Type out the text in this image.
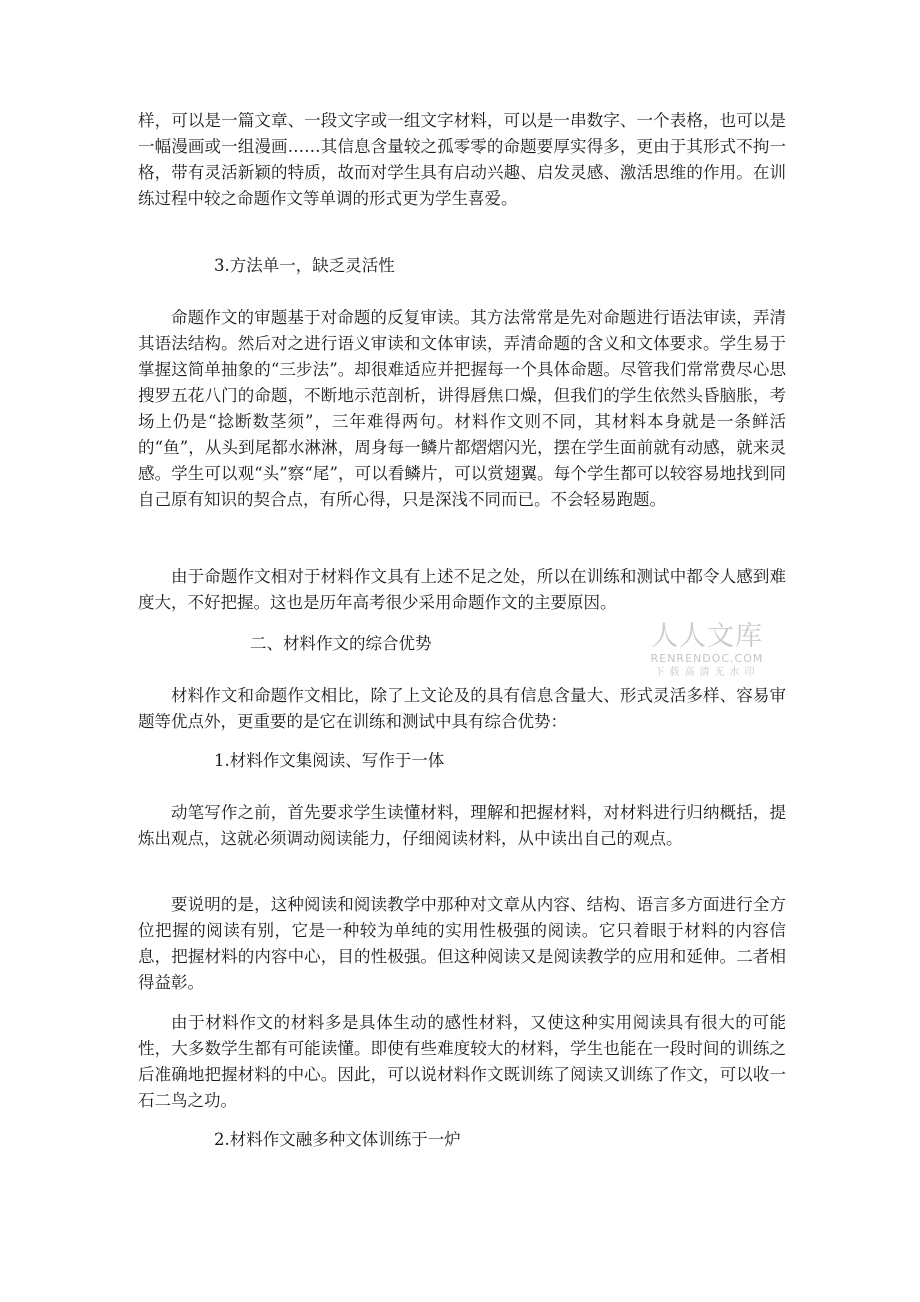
样，可以是一篇文章、一段文字或一组文字材料，可以是一串数字、一个表格，也可以是一幅漫画或一组漫画……其信息含量较之孤零零的命题要厚实得多，更由于其形式不拘一格，带有灵活新颖的特质，故而对学生具有启动兴趣、启发灵感、激活思维的作用。在训练过程中较之命题作文等单调的形式更为学生喜爱。

3.方法单一，缺乏灵活性

命题作文的审题基于对命题的反复审读。其方法常常是先对命题进行语法审读，弄清其语法结构。然后对之进行语义审读和文体审读，弄清命题的含义和文体要求。学生易于掌握这简单抽象的“三步法”。却很难适应并把握每一个具体命题。尽管我们常常费尽心思搜罗五花八门的命题，不断地示范剖析，讲得唇焦口燥，但我们的学生依然头昏脑胀，考场上仍是“捻断数茎须”，三年难得两句。材料作文则不同，其材料本身就是一条鲜活的“鱼”，从头到尾都水淋淋，周身每一鳞片都熠熠闪光，摆在学生面前就有动感，就来灵感。学生可以观“头”察“尾”，可以看鳞片，可以赏翅翼。每个学生都可以较容易地找到同自己原有知识的契合点，有所心得，只是深浅不同而已。不会轻易跑题。

由于命题作文相对于材料作文具有上述不足之处，所以在训练和测试中都令人感到难度大，不好把握。这也是历年高考很少采用命题作文的主要原因。

二、材料作文的综合优势

材料作文和命题作文相比，除了上文论及的具有信息含量大、形式灵活多样、容易审题等优点外，更重要的是它在训练和测试中具有综合优势：

1.材料作文集阅读、写作于一体

动笔写作之前，首先要求学生读懂材料，理解和把握材料，对材料进行归纳概括，提炼出观点，这就必须调动阅读能力，仔细阅读材料，从中读出自己的观点。

要说明的是，这种阅读和阅读教学中那种对文章从内容、结构、语言多方面进行全方位把握的阅读有别，它是一种较为单纯的实用性极强的阅读。它只着眼于材料的内容信息，把握材料的内容中心，目的性极强。但这种阅读又是阅读教学的应用和延伸。二者相得益彰。

由于材料作文的材料多是具体生动的感性材料，又使这种实用阅读具有很大的可能性，大多数学生都有可能读懂。即使有些难度较大的材料，学生也能在一段时间的训练之后准确地把握材料的中心。因此，可以说材料作文既训练了阅读又训练了作文，可以收一石二鸟之功。

2.材料作文融多种文体训练于一炉

人人文库
RENRENDOC.COM
下载高清无水印
